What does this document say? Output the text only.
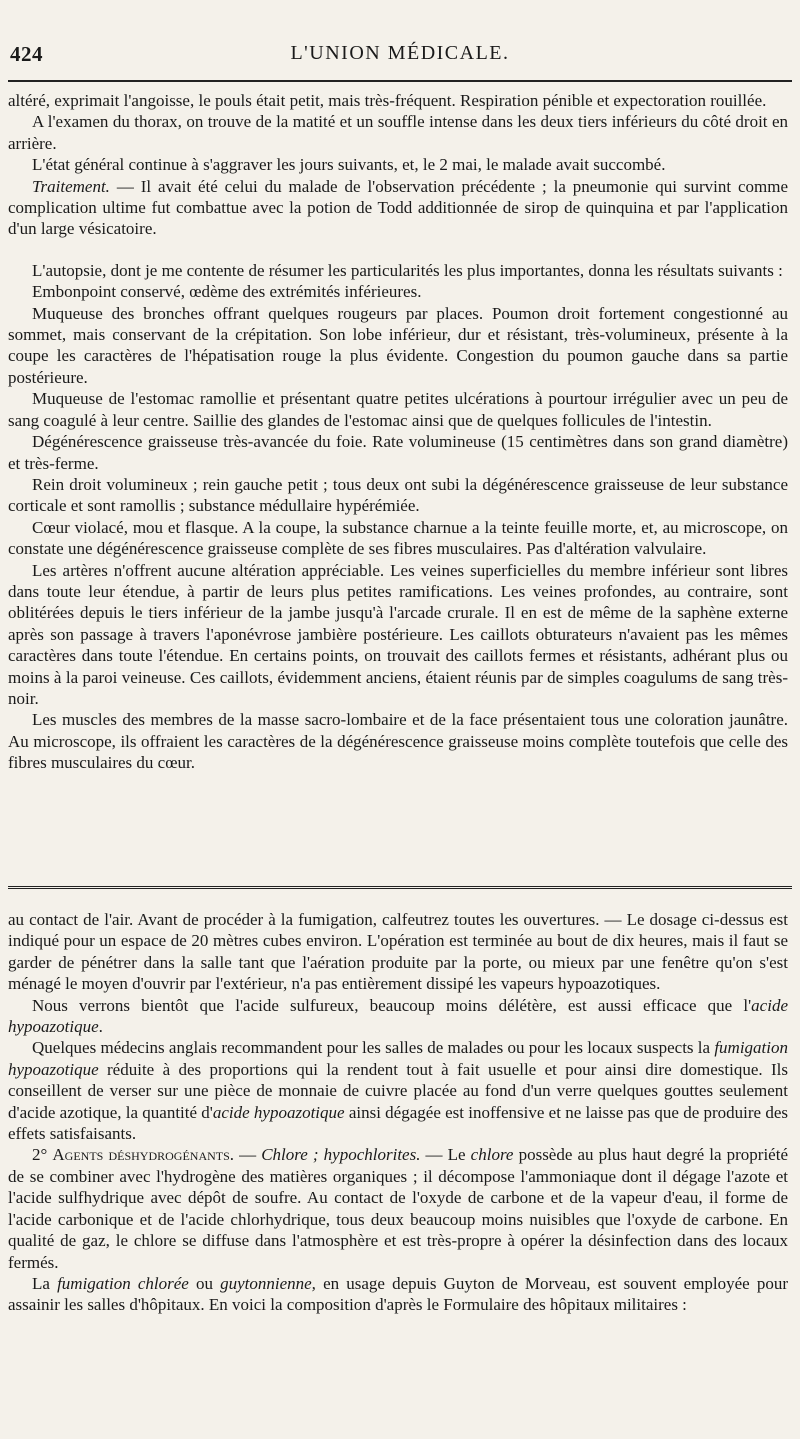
424	L'UNION MÉDICALE.

altéré, exprimait l'angoisse, le pouls était petit, mais très-fréquent. Respiration pénible et expectoration rouillée.

A l'examen du thorax, on trouve de la matité et un souffle intense dans les deux tiers inférieurs du côté droit en arrière.

L'état général continue à s'aggraver les jours suivants, et, le 2 mai, le malade avait succombé.

Traitement. — Il avait été celui du malade de l'observation précédente ; la pneumonie qui survint comme complication ultime fut combattue avec la potion de Todd additionnée de sirop de quinquina et par l'application d'un large vésicatoire.

L'autopsie, dont je me contente de résumer les particularités les plus importantes, donna les résultats suivants :

Embonpoint conservé, œdème des extrémités inférieures.

Muqueuse des bronches offrant quelques rougeurs par places. Poumon droit fortement congestionné au sommet, mais conservant de la crépitation. Son lobe inférieur, dur et résistant, très-volumineux, présente à la coupe les caractères de l'hépatisation rouge la plus évidente. Congestion du poumon gauche dans sa partie postérieure.

Muqueuse de l'estomac ramollie et présentant quatre petites ulcérations à pourtour irrégulier avec un peu de sang coagulé à leur centre. Saillie des glandes de l'estomac ainsi que de quelques follicules de l'intestin.

Dégénérescence graisseuse très-avancée du foie. Rate volumineuse (15 centimètres dans son grand diamètre) et très-ferme.

Rein droit volumineux ; rein gauche petit ; tous deux ont subi la dégénérescence graisseuse de leur substance corticale et sont ramollis ; substance médullaire hypérémiée.

Cœur violacé, mou et flasque. A la coupe, la substance charnue a la teinte feuille morte, et, au microscope, on constate une dégénérescence graisseuse complète de ses fibres musculaires. Pas d'altération valvulaire.

Les artères n'offrent aucune altération appréciable. Les veines superficielles du membre inférieur sont libres dans toute leur étendue, à partir de leurs plus petites ramifications. Les veines profondes, au contraire, sont oblitérées depuis le tiers inférieur de la jambe jusqu'à l'arcade crurale. Il en est de même de la saphène externe après son passage à travers l'aponévrose jambière postérieure. Les caillots obturateurs n'avaient pas les mêmes caractères dans toute l'étendue. En certains points, on trouvait des caillots fermes et résistants, adhérant plus ou moins à la paroi veineuse. Ces caillots, évidemment anciens, étaient réunis par de simples coagulums de sang très-noir.

Les muscles des membres de la masse sacro-lombaire et de la face présentaient tous une coloration jaunâtre. Au microscope, ils offraient les caractères de la dégénérescence graisseuse moins complète toutefois que celle des fibres musculaires du cœur.

au contact de l'air. Avant de procéder à la fumigation, calfeutrez toutes les ouvertures. — Le dosage ci-dessus est indiqué pour un espace de 20 mètres cubes environ. L'opération est terminée au bout de dix heures, mais il faut se garder de pénétrer dans la salle tant que l'aération produite par la porte, ou mieux par une fenêtre qu'on s'est ménagé le moyen d'ouvrir par l'extérieur, n'a pas entièrement dissipé les vapeurs hypoazotiques.

Nous verrons bientôt que l'acide sulfureux, beaucoup moins délétère, est aussi efficace que l'acide hypoazotique.

Quelques médecins anglais recommandent pour les salles de malades ou pour les locaux suspects la fumigation hypoazotique réduite à des proportions qui la rendent tout à fait usuelle et pour ainsi dire domestique. Ils conseillent de verser sur une pièce de monnaie de cuivre placée au fond d'un verre quelques gouttes seulement d'acide azotique, la quantité d'acide hypoazotique ainsi dégagée est inoffensive et ne laisse pas que de produire des effets satisfaisants.

2° Agents déshydrogénants. — Chlore ; hypochlorites. — Le chlore possède au plus haut degré la propriété de se combiner avec l'hydrogène des matières organiques ; il décompose l'ammoniaque dont il dégage l'azote et l'acide sulfhydrique avec dépôt de soufre. Au contact de l'oxyde de carbone et de la vapeur d'eau, il forme de l'acide carbonique et de l'acide chlorhydrique, tous deux beaucoup moins nuisibles que l'oxyde de carbone. En qualité de gaz, le chlore se diffuse dans l'atmosphère et est très-propre à opérer la désinfection dans des locaux fermés.

La fumigation chlorée ou guytonnienne, en usage depuis Guyton de Morveau, est souvent employée pour assainir les salles d'hôpitaux. En voici la composition d'après le Formulaire des hôpitaux militaires :
